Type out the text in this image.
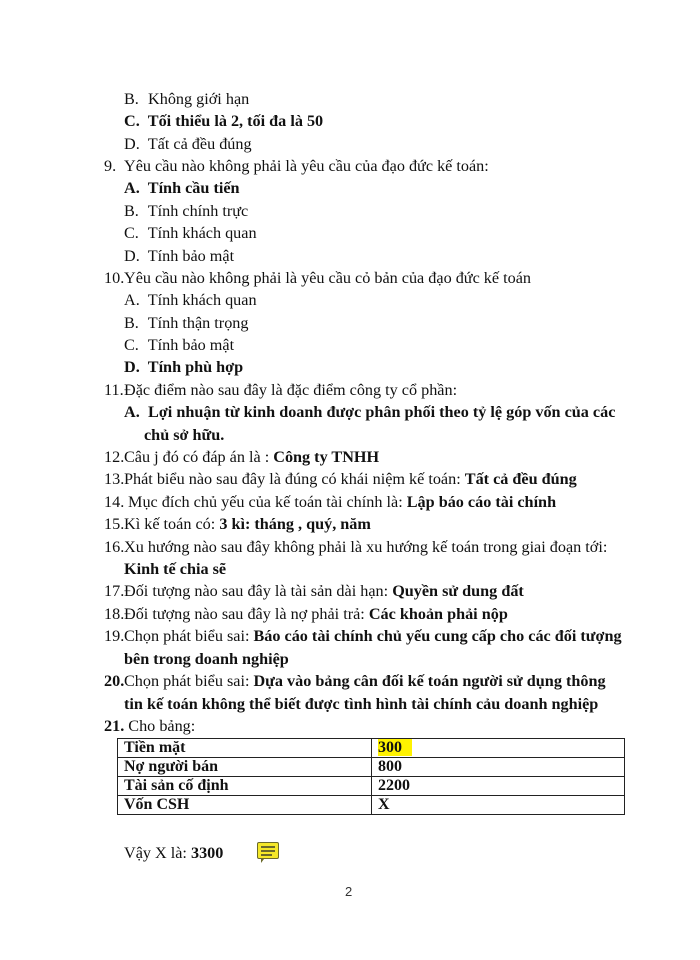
B. Không giới hạn
C. Tối thiểu là 2, tối đa là 50
D. Tất cả đều đúng
9. Yêu cầu nào không phải là yêu cầu của đạo đức kế toán:
A. Tính cầu tiến
B. Tính chính trực
C. Tính khách quan
D. Tính bảo mật
10.Yêu cầu nào không phải là yêu cầu cỏ bản của đạo đức kế toán
A. Tính khách quan
B. Tính thận trọng
C. Tính bảo mật
D. Tính phù hợp
11.Đặc điểm nào sau đây là đặc điểm công ty cổ phần:
A. Lợi nhuận từ kinh doanh được phân phối theo tỷ lệ góp vốn của các
chủ sở hữu.
12.Câu j đó có đáp án là : Công ty TNHH
13.Phát biểu nào sau đây là đúng có khái niệm kế toán: Tất cả đều đúng
14. Mục đích chủ yếu của kế toán tài chính là: Lập báo cáo tài chính
15.Kì kế toán có: 3 kì: tháng , quý, năm
16.Xu hướng nào sau đây không phải là xu hướng kế toán trong giai đoạn tới:
Kinh tế chia sẽ
17.Đối tượng nào sau đây là tài sản dài hạn: Quyền sử dung đất
18.Đối tượng nào sau đây là nợ phải trả: Các khoản phải nộp
19.Chọn phát biểu sai: Báo cáo tài chính chủ yếu cung cấp cho các đối tượng
bên trong doanh nghiệp
20.Chọn phát biểu sai: Dựa vào bảng cân đối kế toán người sử dụng thông
tin kế toán không thể biết được tình hình tài chính cảu doanh nghiệp
21. Cho bảng:
Tiền mặt	300
Nợ người bán	800
Tài sản cố định	2200
Vốn CSH	X
Vậy X là: 3300
2
